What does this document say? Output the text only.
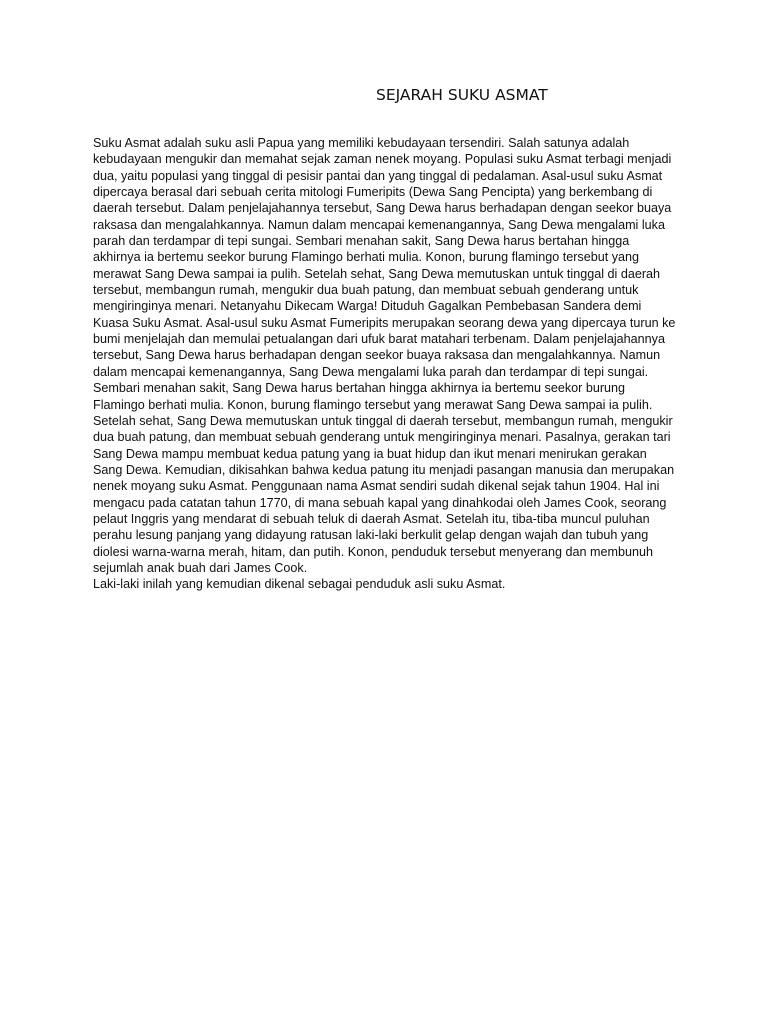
SEJARAH SUKU ASMAT

Suku Asmat adalah suku asli Papua yang memiliki kebudayaan tersendiri. Salah satunya adalah kebudayaan mengukir dan memahat sejak zaman nenek moyang. Populasi suku Asmat terbagi menjadi dua, yaitu populasi yang tinggal di pesisir pantai dan yang tinggal di pedalaman. Asal-usul suku Asmat dipercaya berasal dari sebuah cerita mitologi Fumeripits (Dewa Sang Pencipta) yang berkembang di daerah tersebut. Dalam penjelajahannya tersebut, Sang Dewa harus berhadapan dengan seekor buaya raksasa dan mengalahkannya. Namun dalam mencapai kemenangannya, Sang Dewa mengalami luka parah dan terdampar di tepi sungai. Sembari menahan sakit, Sang Dewa harus bertahan hingga akhirnya ia bertemu seekor burung Flamingo berhati mulia. Konon, burung flamingo tersebut yang merawat Sang Dewa sampai ia pulih. Setelah sehat, Sang Dewa memutuskan untuk tinggal di daerah tersebut, membangun rumah, mengukir dua buah patung, dan membuat sebuah genderang untuk mengiringinya menari. Netanyahu Dikecam Warga! Dituduh Gagalkan Pembebasan Sandera demi Kuasa Suku Asmat. Asal-usul suku Asmat Fumeripits merupakan seorang dewa yang dipercaya turun ke bumi menjelajah dan memulai petualangan dari ufuk barat matahari terbenam. Dalam penjelajahannya tersebut, Sang Dewa harus berhadapan dengan seekor buaya raksasa dan mengalahkannya. Namun dalam mencapai kemenangannya, Sang Dewa mengalami luka parah dan terdampar di tepi sungai. Sembari menahan sakit, Sang Dewa harus bertahan hingga akhirnya ia bertemu seekor burung Flamingo berhati mulia. Konon, burung flamingo tersebut yang merawat Sang Dewa sampai ia pulih. Setelah sehat, Sang Dewa memutuskan untuk tinggal di daerah tersebut, membangun rumah, mengukir dua buah patung, dan membuat sebuah genderang untuk mengiringinya menari. Pasalnya, gerakan tari Sang Dewa mampu membuat kedua patung yang ia buat hidup dan ikut menari menirukan gerakan Sang Dewa. Kemudian, dikisahkan bahwa kedua patung itu menjadi pasangan manusia dan merupakan nenek moyang suku Asmat. Penggunaan nama Asmat sendiri sudah dikenal sejak tahun 1904. Hal ini mengacu pada catatan tahun 1770, di mana sebuah kapal yang dinahkodai oleh James Cook, seorang pelaut Inggris yang mendarat di sebuah teluk di daerah Asmat. Setelah itu, tiba-tiba muncul puluhan perahu lesung panjang yang didayung ratusan laki-laki berkulit gelap dengan wajah dan tubuh yang diolesi warna-warna merah, hitam, dan putih. Konon, penduduk tersebut menyerang dan membunuh sejumlah anak buah dari James Cook.

Laki-laki inilah yang kemudian dikenal sebagai penduduk asli suku Asmat.
